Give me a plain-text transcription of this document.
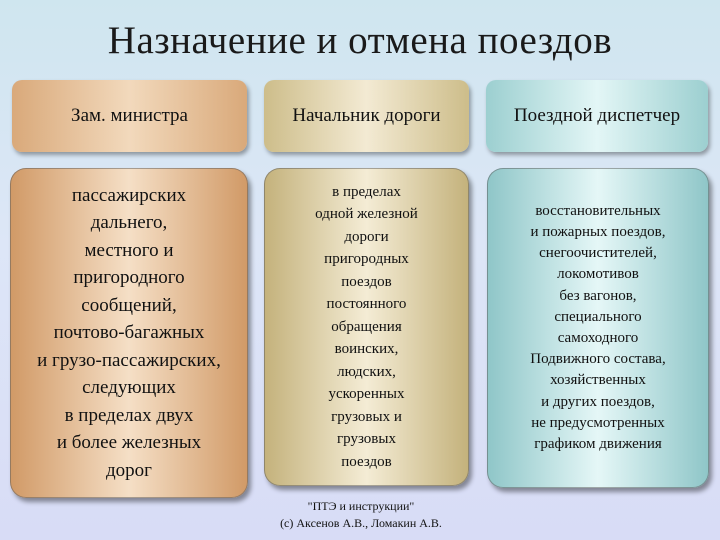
Назначение и отмена поездов
Зам. министра	Начальник дороги	Поездной диспетчер
пассажирских
дальнего,
местного и
пригородного
сообщений,
почтово-багажных
и грузо-пассажирских,
следующих
в пределах двух
и более железных
дорог
в пределах
одной железной
дороги
пригородных
поездов
постоянного
обращения
воинских,
людских,
ускоренных
грузовых и
грузовых
поездов
восстановительных
и пожарных поездов,
снегоочистителей,
локомотивов
без вагонов,
специального
самоходного
Подвижного состава,
хозяйственных
и других поездов,
не предусмотренных
графиком движения
"ПТЭ и инструкции"
(с) Аксенов А.В., Ломакин А.В.
